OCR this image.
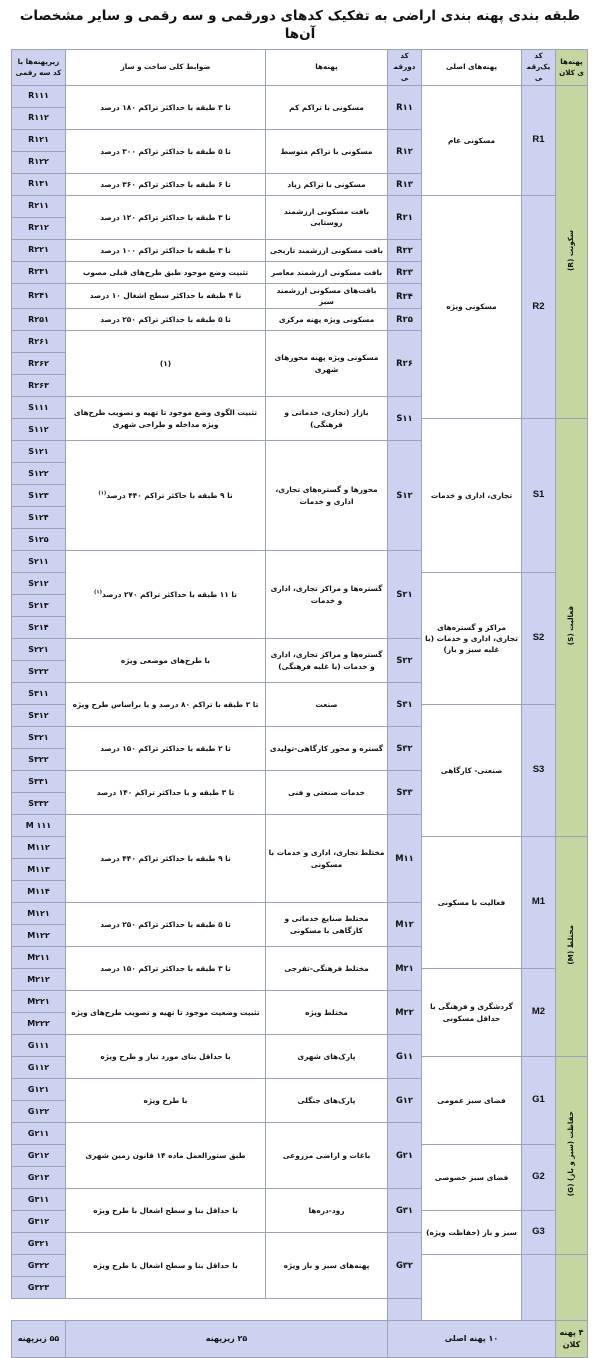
طبقه بندی پهنه بندی اراضی به تفکیک کدهای دورقمی و سه رقمی و سایر مشخصات آن‌ها
پهنه‌های کلان	کد یک‌رقمی	پهنه‌های اصلی	کد دورقمی	پهنه‌ها	ضوابط کلی ساخت و ساز	زیرپهنه‌ها با کد سه رقمی
سکونت (R)	R1	مسکونی عام	R۱۱	مسکونی با تراکم کم	تا ۳ طبقه با حداکثر تراکم ۱۸۰ درصد	R۱۱۱
						R۱۱۲
			R۱۲	مسکونی با تراکم متوسط	تا ۵ طبقه با حداکثر تراکم ۳۰۰ درصد	R۱۲۱
						R۱۲۲
			R۱۳	مسکونی با تراکم زیاد	تا ۶ طبقه با حداکثر تراکم ۳۶۰ درصد	R۱۳۱
	R2	مسکونی ویژه	R۲۱	بافت مسکونی ارزشمند روستایی	تا ۳ طبقه با حداکثر تراکم ۱۲۰ درصد	R۲۱۱
						R۲۱۲
			R۲۲	بافت مسکونی ارزشمند تاریخی	تا ۳ طبقه با حداکثر تراکم ۱۰۰ درصد	R۲۲۱
			R۲۳	بافت مسکونی ارزشمند معاصر	تثبیت وضع موجود طبق طرح‌های قبلی مصوب	R۲۳۱
			R۲۴	بافت‌های مسکونی ارزشمند سبز	تا ۴ طبقه با حداکثر سطح اشغال ۱۰ درصد	R۲۴۱
			R۲۵	مسکونی ویژه پهنه مرکزی	تا ۵ طبقه با حداکثر تراکم ۲۵۰ درصد	R۲۵۱
			R۲۶	مسکونی ویژه پهنه محورهای شهری	(۱)	R۲۶۱
						R۲۶۲
						R۲۶۳
			S۱۱	بازار (تجاری، خدماتی و فرهنگی)	تثبیت الگوی وضع موجود تا تهیه و تصویب طرح‌های ویژه مداخله و طراحی شهری	S۱۱۱
فعالیت (S)	S1	تجاری، اداری و خدمات				S۱۱۲
			S۱۲	محورها و گستره‌های تجاری، اداری و خدمات	تا ۹ طبقه با حاکثر تراکم ۴۴۰ درصد$^{(۱)}$	S۱۲۱
						S۱۲۲
						S۱۲۳
						S۱۲۴
						S۱۲۵
			S۲۱	گستره‌ها و مراکز تجاری، اداری و خدمات	تا ۱۱ طبقه با حداکثر تراکم ۲۷۰ درصد$^{(۱)}$	S۲۱۱
	S2	مراکز و گستره‌های تجاری، اداری و خدمات (با غلبه سبز و باز)				S۲۱۲
						S۲۱۳
						S۲۱۴
			S۲۲	گستره‌ها و مراکز تجاری، اداری و خدمات (با غلبه فرهنگی)	با طرح‌های موضعی ویژه	S۲۲۱
						S۲۲۲
			S۳۱	صنعت	تا ۲ طبقه با تراکم ۸۰ درصد و یا براساس طرح ویژه	S۳۱۱
	S3	صنعتی- کارگاهی				S۳۱۲
			S۳۲	گستره و محور کارگاهی-تولیدی	تا ۲ طبقه با حداکثر تراکم ۱۵۰ درصد	S۳۲۱
						S۳۲۲
			S۳۳	خدمات صنعتی و فنی	تا ۳ طبقه و با حداکثر تراکم ۱۴۰ درصد	S۳۳۱
						S۳۳۲
			M۱۱	مختلط تجاری، اداری و خدمات با مسکونی	تا ۹ طبقه با حداکثر تراکم ۴۴۰ درصد	M ۱۱۱
مختلط (M)	M1	فعالیت با مسکونی				M۱۱۲
						M۱۱۳
						M۱۱۴
			M۱۲	مختلط صنایع خدماتی و کارگاهی با مسکونی	تا ۵ طبقه با حداکثر تراکم ۲۵۰ درصد	M۱۲۱
						M۱۲۲
			M۲۱	مختلط فرهنگی-تفرجی	تا ۳ طبقه با حداکثر تراکم ۱۵۰ درصد	M۲۱۱
	M2	گردشگری و فرهنگی با حداقل مسکونی				M۲۱۲
			M۲۲	مختلط ویژه	تثبیت وضعیت موجود تا تهیه و تصویب طرح‌های ویژه	M۲۲۱
						M۲۲۲
			G۱۱	پارک‌های شهری	با حداقل بنای مورد نیاز و طرح ویژه	G۱۱۱
حفاظت (سبز و باز) (G)	G1	فضای سبز عمومی				G۱۱۲
			G۱۲	پارک‌های جنگلی	با طرح ویژه	G۱۲۱
						G۱۲۲
			G۲۱	باغات و اراضی مزروعی	طبق ستورالعمل ماده ۱۴ قانون زمین شهری	G۲۱۱
	G2	فضای سبز خصوصی				G۲۱۲
						G۲۱۳
			G۳۱	رود-دره‌ها	با حداقل بنا و سطح اشغال با طرح ویژه	G۳۱۱
	G3	سبز و باز (حفاظت ویژه)				G۳۱۲
			G۳۲	پهنه‌های سبز و باز ویژه	با حداقل بنا و سطح اشغال با طرح ویژه	G۳۲۱
						G۳۲۲
						G۳۲۳

۴ پهنه کلان	۱۰ پهنه اصلی			۲۵ زیرپهنه		۵۵ زیرپهنه
